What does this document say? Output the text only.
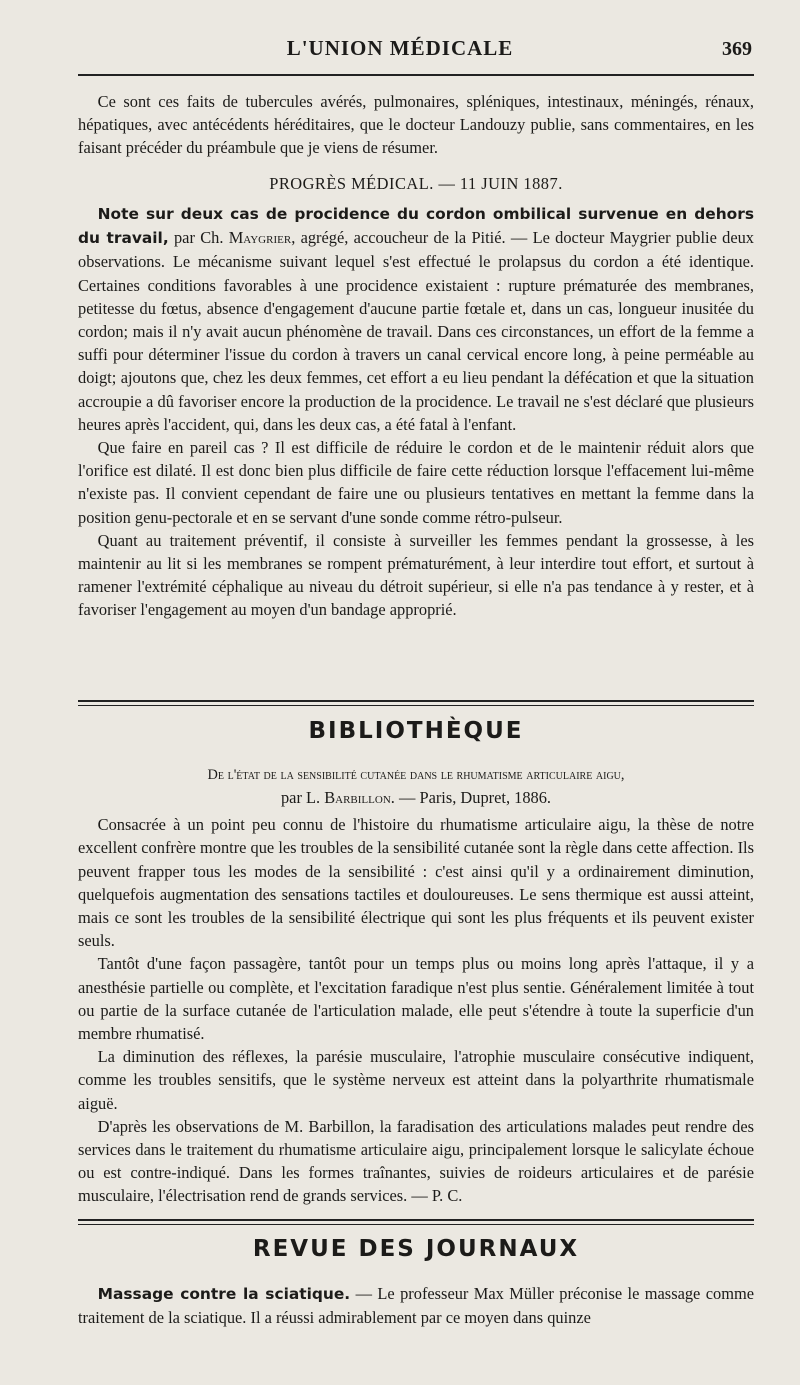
L'UNION MÉDICALE	369

Ce sont ces faits de tubercules avérés, pulmonaires, spléniques, intestinaux, méningés, rénaux, hépatiques, avec antécédents héréditaires, que le docteur Landouzy publie, sans commentaires, en les faisant précéder du préambule que je viens de résumer.

PROGRÈS MÉDICAL. — 11 JUIN 1887.

Note sur deux cas de procidence du cordon ombilical survenue en dehors du travail, par Ch. Maygrier, agrégé, accoucheur de la Pitié. — Le docteur Maygrier publie deux observations. Le mécanisme suivant lequel s'est effectué le prolapsus du cordon a été identique. Certaines conditions favorables à une procidence existaient : rupture prématurée des membranes, petitesse du fœtus, absence d'engagement d'aucune partie fœtale et, dans un cas, longueur inusitée du cordon; mais il n'y avait aucun phénomène de travail. Dans ces circonstances, un effort de la femme a suffi pour déterminer l'issue du cordon à travers un canal cervical encore long, à peine perméable au doigt; ajoutons que, chez les deux femmes, cet effort a eu lieu pendant la défécation et que la situation accroupie a dû favoriser encore la production de la procidence. Le travail ne s'est déclaré que plusieurs heures après l'accident, qui, dans les deux cas, a été fatal à l'enfant.

Que faire en pareil cas ? Il est difficile de réduire le cordon et de le maintenir réduit alors que l'orifice est dilaté. Il est donc bien plus difficile de faire cette réduction lorsque l'effacement lui-même n'existe pas. Il convient cependant de faire une ou plusieurs tentatives en mettant la femme dans la position genu-pectorale et en se servant d'une sonde comme rétro-pulseur.

Quant au traitement préventif, il consiste à surveiller les femmes pendant la grossesse, à les maintenir au lit si les membranes se rompent prématurément, à leur interdire tout effort, et surtout à ramener l'extrémité céphalique au niveau du détroit supérieur, si elle n'a pas tendance à y rester, et à favoriser l'engagement au moyen d'un bandage approprié.

BIBLIOTHÈQUE

De l'état de la sensibilité cutanée dans le rhumatisme articulaire aigu,

par L. Barbillon. — Paris, Dupret, 1886.

Consacrée à un point peu connu de l'histoire du rhumatisme articulaire aigu, la thèse de notre excellent confrère montre que les troubles de la sensibilité cutanée sont la règle dans cette affection. Ils peuvent frapper tous les modes de la sensibilité : c'est ainsi qu'il y a ordinairement diminution, quelquefois augmentation des sensations tactiles et douloureuses. Le sens thermique est aussi atteint, mais ce sont les troubles de la sensibilité électrique qui sont les plus fréquents et ils peuvent exister seuls.

Tantôt d'une façon passagère, tantôt pour un temps plus ou moins long après l'attaque, il y a anesthésie partielle ou complète, et l'excitation faradique n'est plus sentie. Généralement limitée à tout ou partie de la surface cutanée de l'articulation malade, elle peut s'étendre à toute la superficie d'un membre rhumatisé.

La diminution des réflexes, la parésie musculaire, l'atrophie musculaire consécutive indiquent, comme les troubles sensitifs, que le système nerveux est atteint dans la polyarthrite rhumatismale aiguë.

D'après les observations de M. Barbillon, la faradisation des articulations malades peut rendre des services dans le traitement du rhumatisme articulaire aigu, principalement lorsque le salicylate échoue ou est contre-indiqué. Dans les formes traînantes, suivies de roideurs articulaires et de parésie musculaire, l'électrisation rend de grands services. — P. C.

REVUE DES JOURNAUX

Massage contre la sciatique. — Le professeur Max Müller préconise le massage comme traitement de la sciatique. Il a réussi admirablement par ce moyen dans quinze
